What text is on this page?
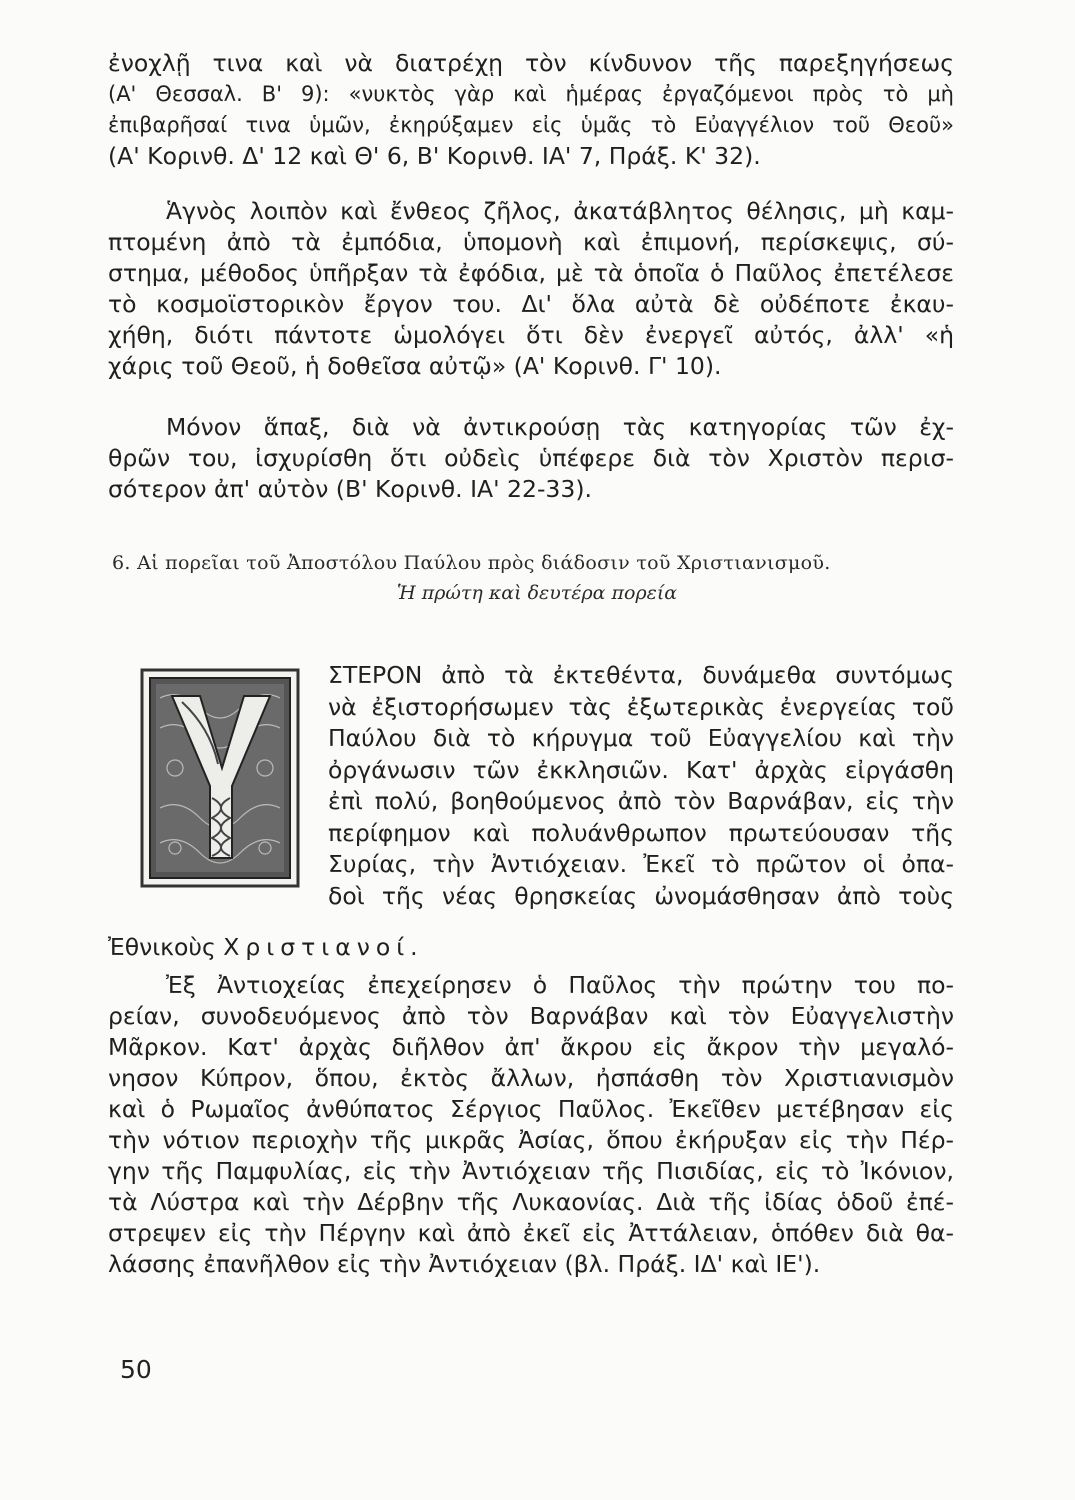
ἐνοχλῇ τινα καὶ νὰ διατρέχῃ τὸν κίνδυνον τῆς παρεξηγήσεως
(Α' Θεσσαλ. Β' 9): «νυκτὸς γὰρ καὶ ἡμέρας ἐργαζόμενοι πρὸς τὸ μὴ
ἐπιβαρῆσαί τινα ὑμῶν, ἐκηρύξαμεν εἰς ὑμᾶς τὸ Εὐαγγέλιον τοῦ Θεοῦ»
(Α' Κορινθ. Δ' 12 καὶ Θ' 6, Β' Κορινθ. ΙΑ' 7, Πράξ. Κ' 32).
Ἁγνὸς λοιπὸν καὶ ἔνθεος ζῆλος, ἀκατάβλητος θέλησις, μὴ καμ-
πτομένη ἀπὸ τὰ ἐμπόδια, ὑπομονὴ καὶ ἐπιμονή, περίσκεψις, σύ-
στημα, μέθοδος ὑπῆρξαν τὰ ἐφόδια, μὲ τὰ ὁποῖα ὁ Παῦλος ἐπετέλεσε
τὸ κοσμοϊστορικὸν ἔργον του. Δι' ὅλα αὐτὰ δὲ οὐδέποτε ἐκαυ-
χήθη, διότι πάντοτε ὡμολόγει ὅτι δὲν ἐνεργεῖ αὐτός, ἀλλ' «ἡ
χάρις τοῦ Θεοῦ, ἡ δοθεῖσα αὐτῷ» (Α' Κορινθ. Γ' 10).
Μόνον ἅπαξ, διὰ νὰ ἀντικρούσῃ τὰς κατηγορίας τῶν ἐχ-
θρῶν του, ἰσχυρίσθη ὅτι οὐδεὶς ὑπέφερε διὰ τὸν Χριστὸν περισ-
σότερον ἀπ' αὐτὸν (Β' Κορινθ. ΙΑ' 22-33).
6. Αἱ πορεῖαι τοῦ Ἀποστόλου Παύλου πρὸς διάδοσιν τοῦ Χριστιανισμοῦ.
Ἡ πρώτη καὶ δευτέρα πορεία
Υ
ΣΤΕΡΟΝ ἀπὸ τὰ ἐκτεθέντα, δυνάμεθα συντόμως
νὰ ἐξιστορήσωμεν τὰς ἐξωτερικὰς ἐνεργείας τοῦ
Παύλου διὰ τὸ κήρυγμα τοῦ Εὐαγγελίου καὶ τὴν
ὀργάνωσιν τῶν ἐκκλησιῶν. Κατ' ἀρχὰς εἰργάσθη
ἐπὶ πολύ, βοηθούμενος ἀπὸ τὸν Βαρνάβαν, εἰς τὴν
περίφημον καὶ πολυάνθρωπον πρωτεύουσαν τῆς
Συρίας, τὴν Ἀντιόχειαν. Ἐκεῖ τὸ πρῶτον οἱ ὀπα-
δοὶ τῆς νέας θρησκείας ὠνομάσθησαν ἀπὸ τοὺς
Ἐθνικοὺς Χριστιανοί.
Ἐξ Ἀντιοχείας ἐπεχείρησεν ὁ Παῦλος τὴν πρώτην του πο-
ρείαν, συνοδευόμενος ἀπὸ τὸν Βαρνάβαν καὶ τὸν Εὐαγγελιστὴν
Μᾶρκον. Κατ' ἀρχὰς διῆλθον ἀπ' ἄκρου εἰς ἄκρον τὴν μεγαλό-
νησον Κύπρον, ὅπου, ἐκτὸς ἄλλων, ἠσπάσθη τὸν Χριστιανισμὸν
καὶ ὁ Ρωμαῖος ἀνθύπατος Σέργιος Παῦλος. Ἐκεῖθεν μετέβησαν εἰς
τὴν νότιον περιοχὴν τῆς μικρᾶς Ἀσίας, ὅπου ἐκήρυξαν εἰς τὴν Πέρ-
γην τῆς Παμφυλίας, εἰς τὴν Ἀντιόχειαν τῆς Πισιδίας, εἰς τὸ Ἰκόνιον,
τὰ Λύστρα καὶ τὴν Δέρβην τῆς Λυκαονίας. Διὰ τῆς ἰδίας ὁδοῦ ἐπέ-
στρεψεν εἰς τὴν Πέργην καὶ ἀπὸ ἐκεῖ εἰς Ἀττάλειαν, ὁπόθεν διὰ θα-
λάσσης ἐπανῆλθον εἰς τὴν Ἀντιόχειαν (βλ. Πράξ. ΙΔ' καὶ ΙΕ').
50
